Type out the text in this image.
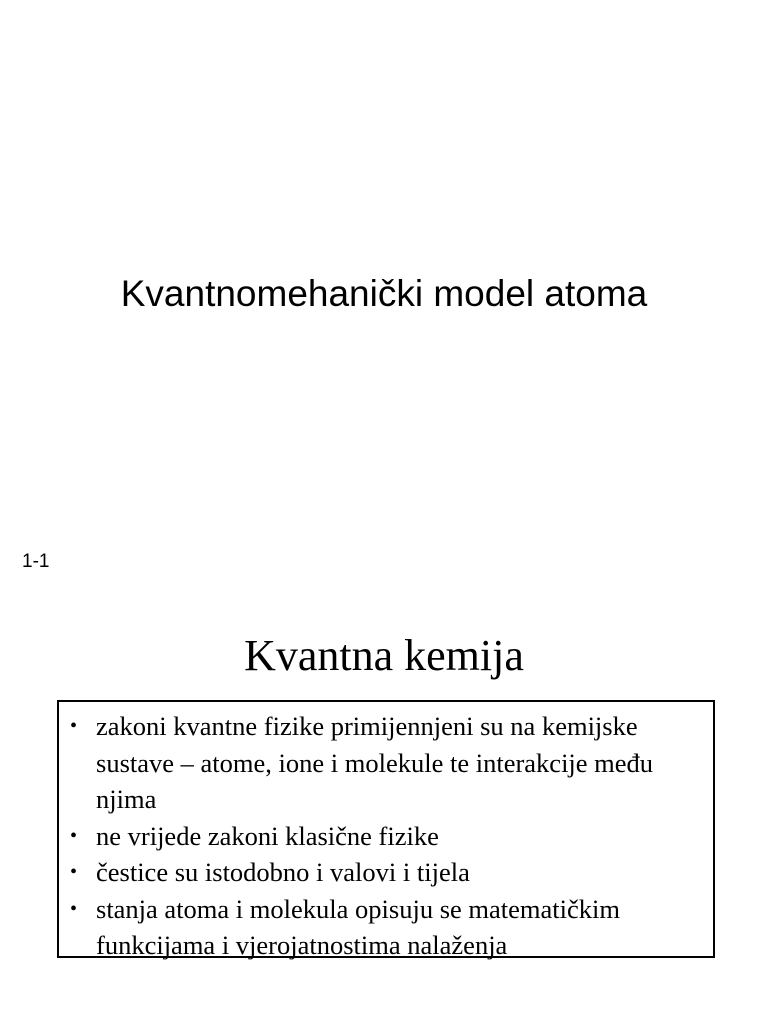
Kvantnomehanički model atoma
1-1
Kvantna kemija
• zakoni kvantne fizike primijennjeni su na kemijske sustave – atome, ione i molekule te interakcije među njima
• ne vrijede zakoni klasične fizike
• čestice su istodobno i valovi i tijela
• stanja atoma i molekula opisuju se matematičkim funkcijama i vjerojatnostima nalaženja
